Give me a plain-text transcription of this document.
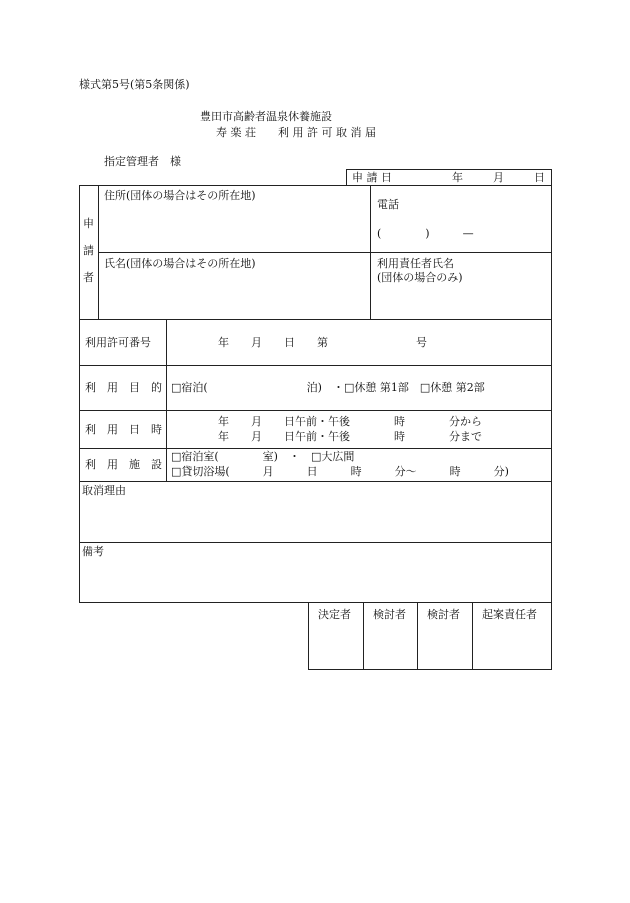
様式第5号(第5条関係)
豊田市高齢者温泉休養施設
寿 楽 荘　　利 用 許 可 取 消 届
指定管理者　様
申 請 日	年	月	日
申
請
者
住所(団体の場合はその所在地)
電話
(　　　　)　　　—
氏名(団体の場合はその所在地)	利用責任者氏名
(団体の場合のみ)
利用許可番号	年　　月　　日　　第　　　　　　　　号
利　用　目　的 □宿泊(　　　　　　　　　泊)　・□休憩 第1部　□休憩 第2部
利　用　日　時
年　　月　　日午前・午後　　　　時　　　　分から
年　　月　　日午前・午後　　　　時　　　　分まで
利　用　施　設
□宿泊室(　　　　室)　・　□大広間
□貸切浴場(　　　月　　　日　　　時　　　分～　　　時　　　分)
取消理由
備考
決定者 検討者 検討者 起案責任者
